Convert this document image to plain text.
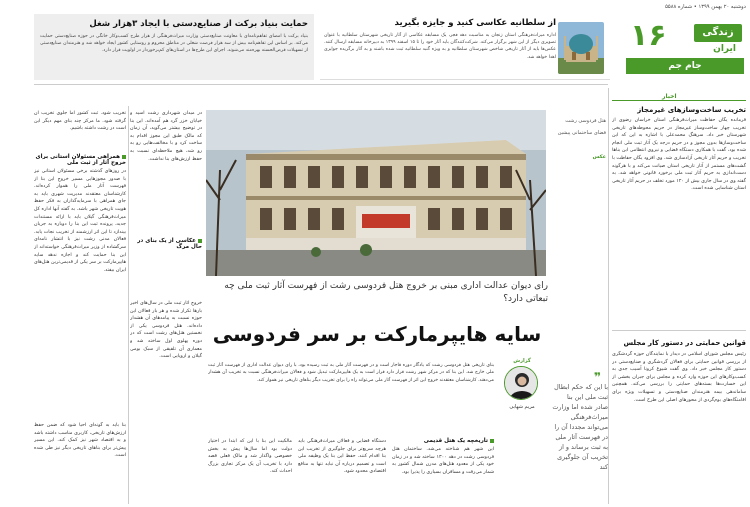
دوشنبه ۲۰ بهمن ۱۳۹۹ • شماره ۵۵۸۸
۱۶	زندگی
ایران
جام جم
اخبار
از سلطانیه عکاسی کنید و جایزه بگیرید
اداره میراث‌فرهنگی استان زنجان به مناسبت دهه فجر، یک مسابقه عکاسی از آثار تاریخی شهرستان سلطانیه با عنوان تصویری دیگر از این شهر برگزار می‌کند. شرکت‌کنندگان باید آثار خود را تا ۱۵ اسفند ۱۳۹۹ به دبیرخانه مسابقه ارسال کنند. عکس‌ها باید از آثار تاریخی شاخص شهرستان سلطانیه و به ویژه گنبد سلطانیه ثبت شده باشند و به آثار برگزیده جوایزی اهدا خواهد شد.
حمایت بنیاد برکت از صنایع‌دستی با ایجاد ۳هزار شغل
بنیاد برکت با امضای تفاهم‌نامه‌ای با معاونت صنایع‌دستی وزارت میراث‌فرهنگی از هزار طرح کسب‌وکار خانگی در حوزه صنایع‌دستی حمایت می‌کند. بر اساس این تفاهم‌نامه بیش از سه هزار فرصت شغلی در مناطق محروم و روستایی کشور ایجاد خواهد شد و هنرمندان صنایع‌دستی از تسهیلات قرض‌الحسنه بهره‌مند می‌شوند. اجرای این طرح‌ها در استان‌های کم‌برخوردار در اولویت قرار دارد.
تخریب ساخت‌وسازهای غیرمجاز
فرمانده یگان حفاظت میراث‌فرهنگی استان خراسان رضوی از تخریب چهار ساخت‌وساز غیرمجاز در حریم محوطه‌های تاریخی شهرستان خبر داد. سرهنگ محمدعلی با اشاره به این که این ساخت‌وسازها بدون مجوز و در حریم درجه یک آثار ثبت ملی انجام شده بود، گفت با همکاری دستگاه قضایی و نیروی انتظامی این بناها تخریب و حریم آثار تاریخی آزادسازی شد. وی افزود یگان حفاظت با گشت‌های مستمر از آثار تاریخی استان صیانت می‌کند و با هرگونه دست‌اندازی به حریم آثار ثبت ملی برخورد قانونی خواهد شد. به گفته وی در سال جاری بیش از ۱۲۰ مورد تخلف در حریم آثار تاریخی استان شناسایی شده است.
قوانین حمایتی در دستور کار مجلس
رئیس مجلس شورای اسلامی در دیدار با نمایندگان حوزه گردشگری از بررسی قوانین حمایتی برای فعالان گردشگری و صنایع‌دستی در دستور کار مجلس خبر داد. وی گفت شیوع کرونا آسیب جدی به کسب‌وکارهای این حوزه وارد کرده و مجلس برای جبران بخشی از این خسارت‌ها بسته‌های حمایتی را بررسی می‌کند. همچنین ساماندهی بیمه هنرمندان صنایع‌دستی و تسهیلات ویژه برای اقامتگاه‌های بوم‌گردی از محورهای اصلی این طرح است.
هتل فردوسی رشت
فضای ساختمانی پیشین
عکس
رای دیوان عدالت اداری مبنی بر خروج هتل فردوسی رشت از فهرست آثار ثبت ملی چه تبعاتی دارد؟
سایه هایپرمارکت بر سر فردوسی
بنای تاریخی هتل فردوسی رشت که یادگار دوره قاجار است و در فهرست آثار ملی به ثبت رسیده بود، با رای دیوان عدالت اداری از فهرست آثار ثبت ملی خارج شد. این بنا که در مرکز شهر رشت قرار دارد قرار است به یک هایپرمارکت تبدیل شود و فعالان میراث‌فرهنگی نسبت به تخریب آن هشدار می‌دهند. کارشناسان معتقدند خروج این اثر از فهرست آثار ملی می‌تواند راه را برای تخریب دیگر بناهای تاریخی نیز هموار کند.
گزارش
مریم شهابی
❞
با این که حکم ابطال ثبت ملی این بنا صادر شده اما وزارت میراث‌فرهنگی می‌تواند مجددا آن را در فهرست آثار ملی به ثبت برساند و از تخریب آن جلوگیری کند
در میدان شهرداری رشت اسید و خیابان خزر گرد هم آمده‌اند. این بنا در توضیح بیشتر می‌گوید، آن زمان که مالک طبق این مجوز اقدام به ساخت کرد و با مخالفت‌هایی رو به رو شد، هیچ ملاحظه‌ای نسبت به حفظ ارزش‌های بنا نداشت.
عکاسی از یک بنای در حال مرگ
خروج آثار ثبت ملی در سال‌های اخیر بارها تکرار شده و هر بار فعالان این حوزه نسبت به پیامدهای آن هشدار داده‌اند. هتل فردوسی یکی از نخستین هتل‌های رشت است که در دوره پهلوی اول ساخته شد و معماری آن تلفیقی از سبک بومی گیلان و اروپایی است.
تخریب شود. ثبت کشور اما جلوی تخریب آن گرفته شود. ما مرکز چند بنای مهم دیگر این است در رشت داشته باشیم.
همراهی مسئولان استانی برای خروج آثار از ثبت ملی
در روزهای گذشته برخی مسئولان استانی نیز با صدور مجوزهایی مسیر خروج این بنا از فهرست آثار ملی را هموار کرده‌اند. کارشناسان معتقدند مدیریت شهری باید به جای همراهی با سرمایه‌گذاران به فکر حفظ هویت تاریخی شهر باشد. به گفته آنها اداره کل میراث‌فرهنگی گیلان باید با ارائه مستندات جدید، پرونده ثبت این بنا را دوباره به جریان بیندازد تا این اثر ارزشمند از تخریب نجات یابد. فعالان مدنی رشت نیز با انتشار نامه‌ای سرگشاده از وزیر میراث‌فرهنگی خواسته‌اند از این بنا حمایت کند و اجازه ندهد سایه هایپرمارکت بر سر یکی از قدیمی‌ترین هتل‌های ایران بیفتد.
بنا باید به گونه‌ای احیا شود که ضمن حفظ ارزش‌های تاریخی، کاربری مناسب داشته باشد و به اقتصاد شهر نیز کمک کند. این مسیر پیش‌تر برای بناهای تاریخی دیگر نیز طی شده است.
تاریخچه یک هتل قدیمی
این شهر هم شناخته می‌شد. ساختمان هتل فردوسی رشت در دهه ۱۳۰۰ ساخته شد و در زمان خود یکی از معدود هتل‌های مدرن شمال کشور به شمار می‌رفت و مسافران بسیاری را پذیرا بود.
دستگاه قضایی و فعالان میراث‌فرهنگی باید هرچه سریع‌تر برای جلوگیری از تخریب این بنا اقدام کنند. حفظ این بنا یک وظیفه ملی است و تصمیم درباره آن نباید تنها به منافع اقتصادی محدود شود.
مالکیت این بنا با این که ابتدا در اختیار دولت بود اما سال‌ها پیش به بخش خصوصی واگذار شد و مالک فعلی قصد دارد با تخریب آن یک مرکز تجاری بزرگ احداث کند.
